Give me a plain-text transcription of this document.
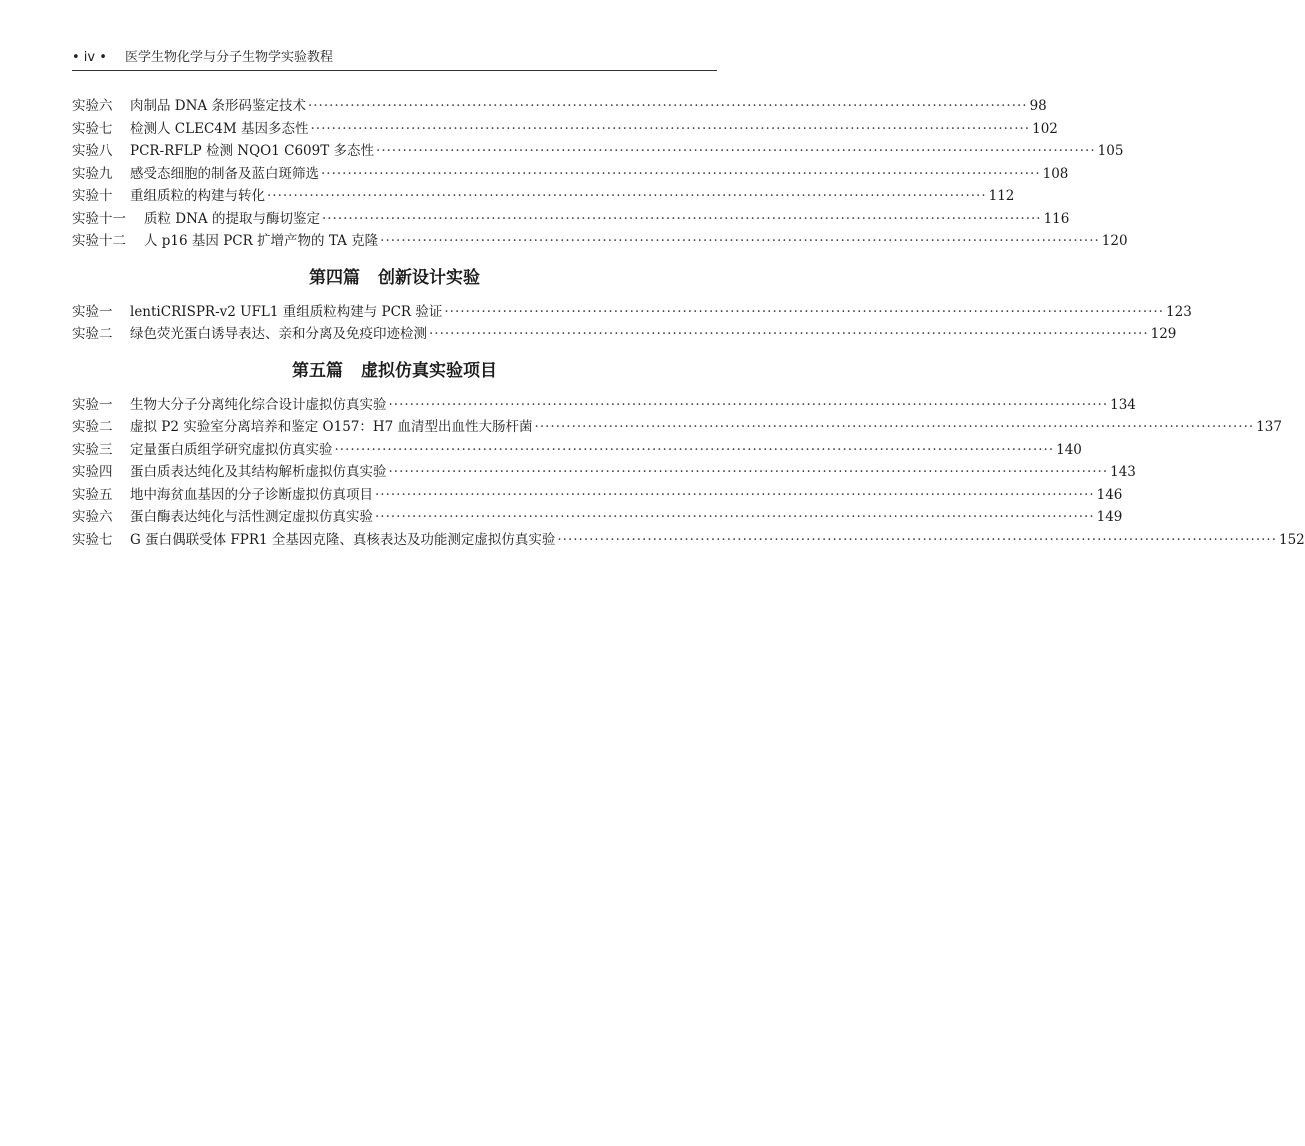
• iv • 医学生物化学与分子生物学实验教程
实验六	肉制品 DNA 条形码鉴定技术 ·····	98
实验七	检测人 CLEC4M 基因多态性 ·····	102
实验八	PCR-RFLP 检测 NQO1 C609T 多态性 ·····	105
实验九	感受态细胞的制备及蓝白斑筛选 ·····	108
实验十	重组质粒的构建与转化 ·····	112
实验十一	质粒 DNA 的提取与酶切鉴定 ·····	116
实验十二	人 p16 基因 PCR 扩增产物的 TA 克隆 ·····	120
第四篇 创新设计实验
实验一	lentiCRISPR-v2 UFL1 重组质粒构建与 PCR 验证 ·····	123
实验二	绿色荧光蛋白诱导表达、亲和分离及免疫印迹检测 ·····	129
第五篇 虚拟仿真实验项目
实验一	生物大分子分离纯化综合设计虚拟仿真实验 ·····	134
实验二	虚拟 P2 实验室分离培养和鉴定 O157：H7 血清型出血性大肠杆菌 ·····	137
实验三	定量蛋白质组学研究虚拟仿真实验 ·····	140
实验四	蛋白质表达纯化及其结构解析虚拟仿真实验 ·····	143
实验五	地中海贫血基因的分子诊断虚拟仿真项目 ·····	146
实验六	蛋白酶表达纯化与活性测定虚拟仿真实验 ·····	149
实验七	G 蛋白偶联受体 FPR1 全基因克隆、真核表达及功能测定虚拟仿真实验 ·····	152
